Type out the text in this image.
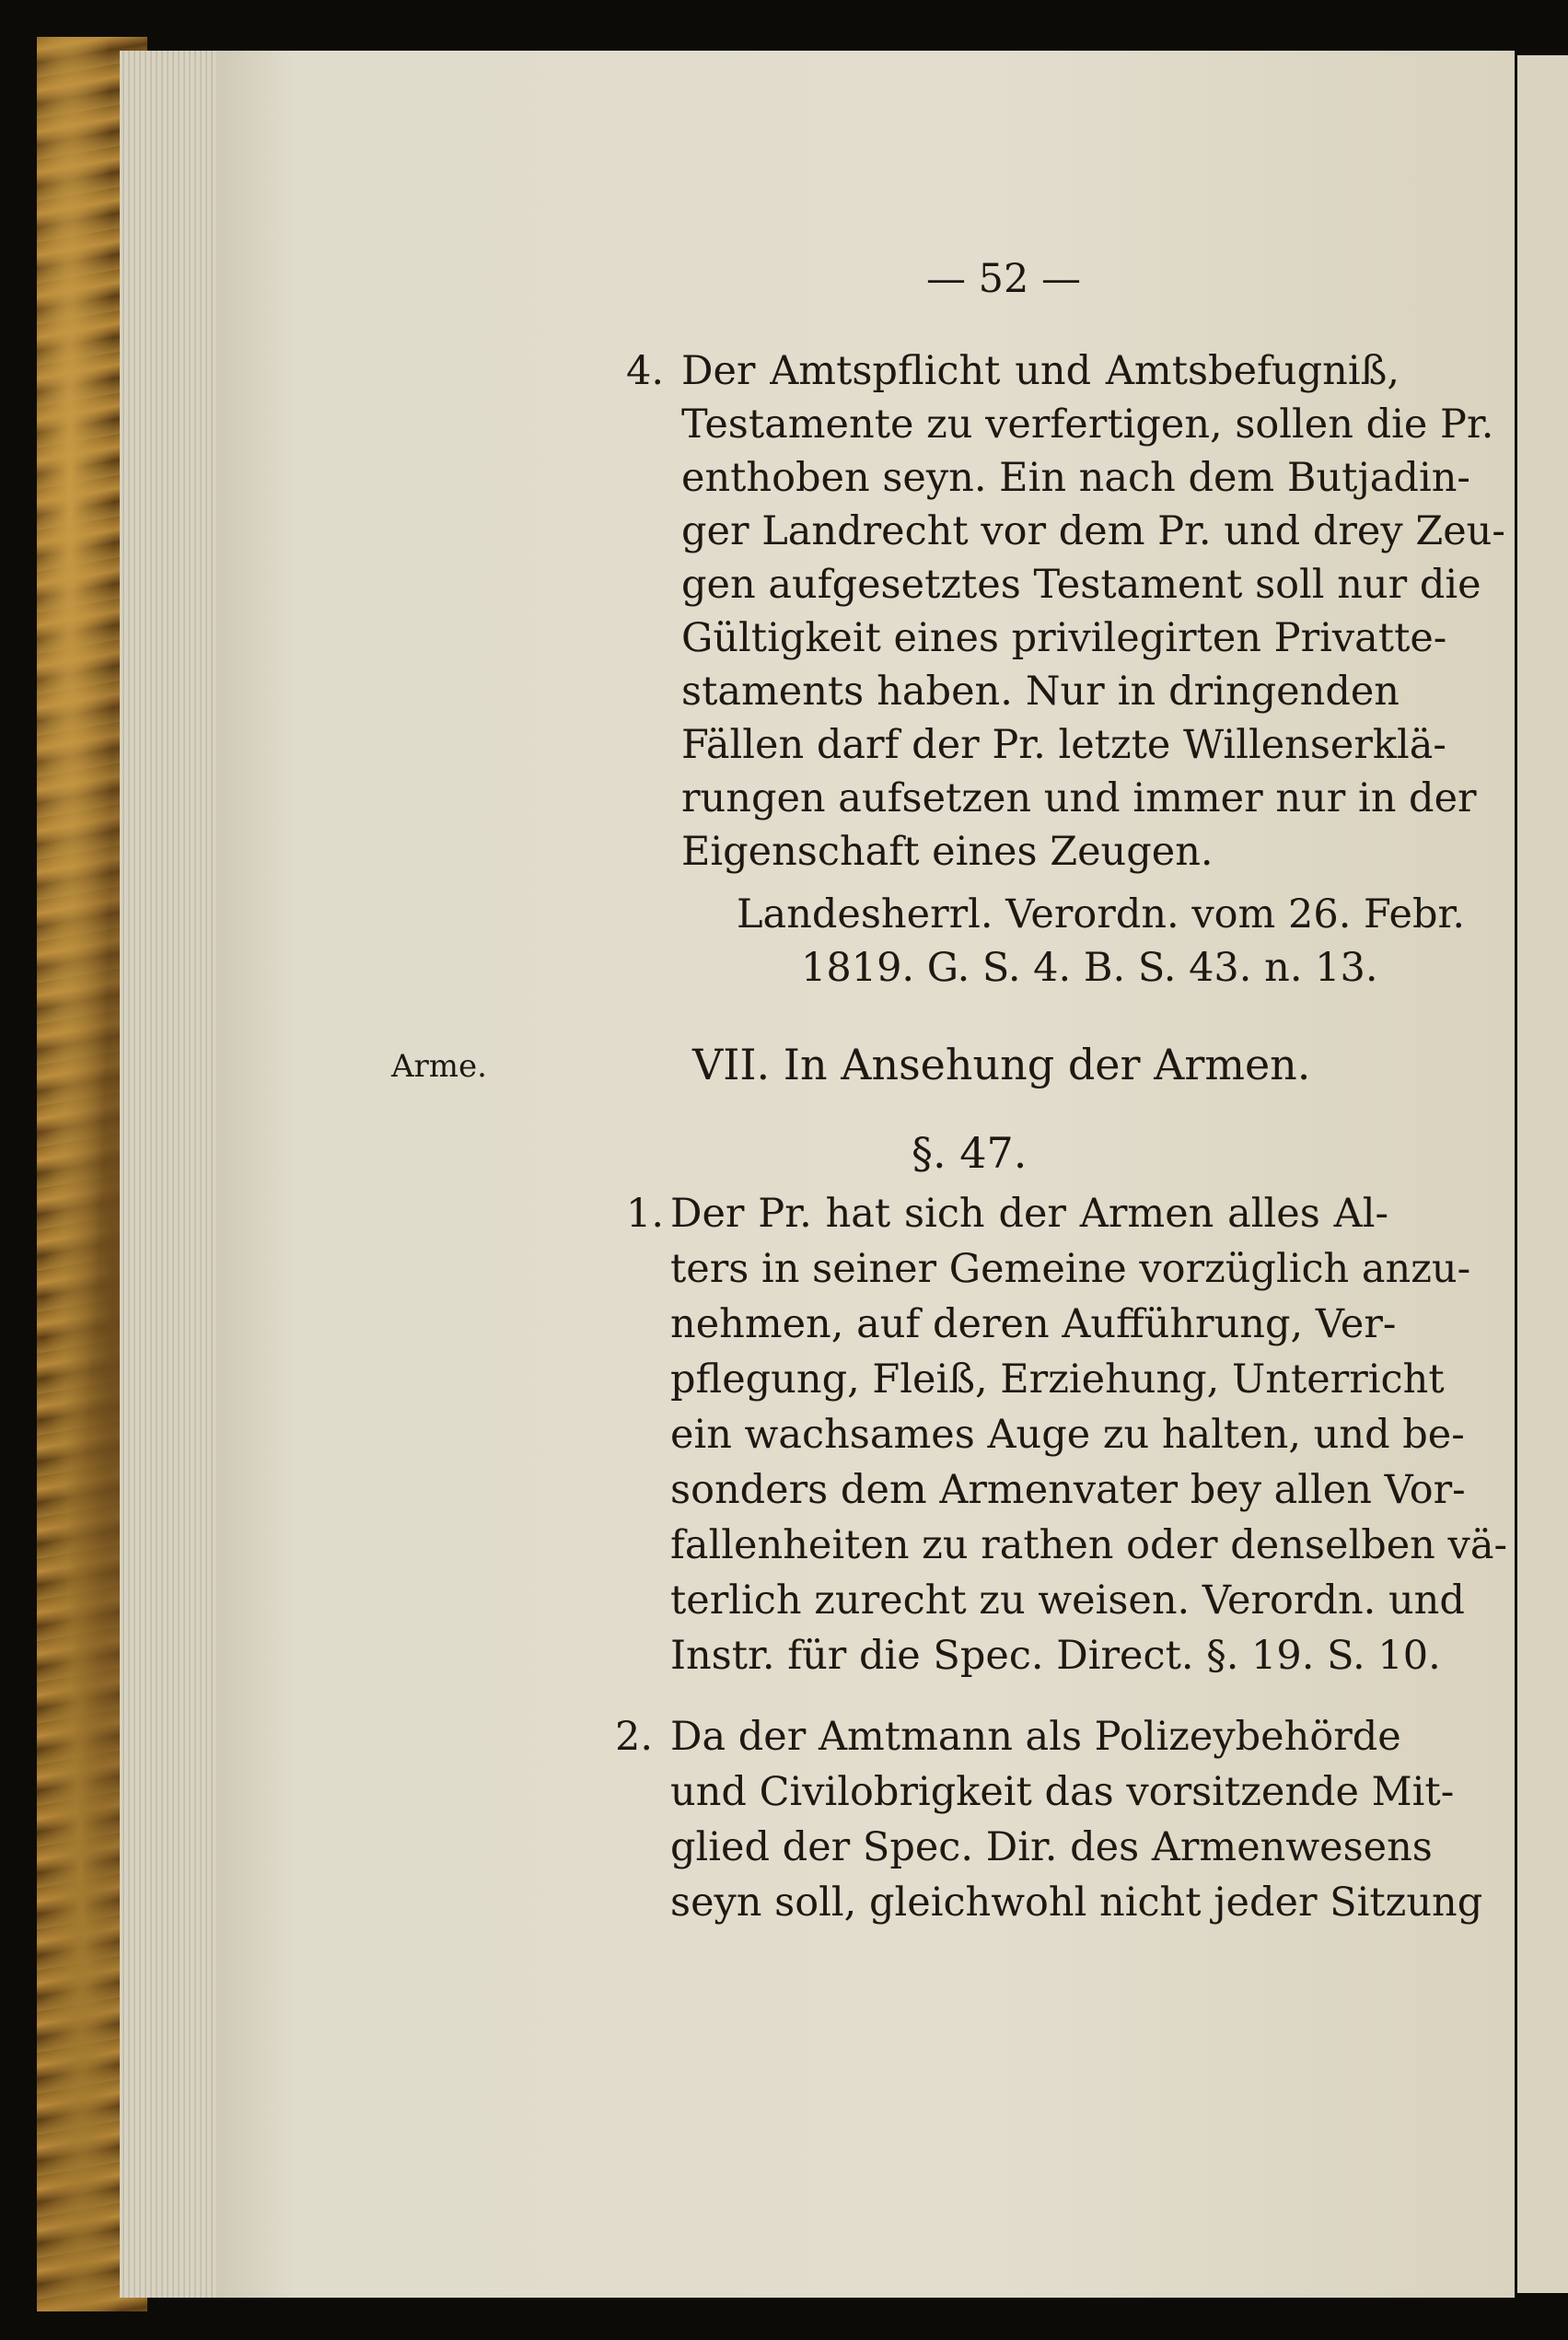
— 52 —
4. Der Amtspflicht und Amtsbefugniß,
Testamente zu verfertigen, sollen die Pr.
enthoben seyn. Ein nach dem Butjadin-
ger Landrecht vor dem Pr. und drey Zeu-
gen aufgesetztes Testament soll nur die
Gültigkeit eines privilegirten Privatte-
staments haben. Nur in dringenden
Fällen darf der Pr. letzte Willenserklä-
rungen aufsetzen und immer nur in der
Eigenschaft eines Zeugen.
Landesherrl. Verordn. vom 26. Febr.
1819. G. S. 4. B. S. 43. n. 13.
Arme.	VII. In Ansehung der Armen.
§. 47.
1. Der Pr. hat sich der Armen alles Al-
ters in seiner Gemeine vorzüglich anzu-
nehmen, auf deren Aufführung, Ver-
pflegung, Fleiß, Erziehung, Unterricht
ein wachsames Auge zu halten, und be-
sonders dem Armenvater bey allen Vor-
fallenheiten zu rathen oder denselben vä-
terlich zurecht zu weisen. Verordn. und
Instr. für die Spec. Direct. §. 19. S. 10.
2. Da der Amtmann als Polizeybehörde
und Civilobrigkeit das vorsitzende Mit-
glied der Spec. Dir. des Armenwesens
seyn soll, gleichwohl nicht jeder Sitzung
